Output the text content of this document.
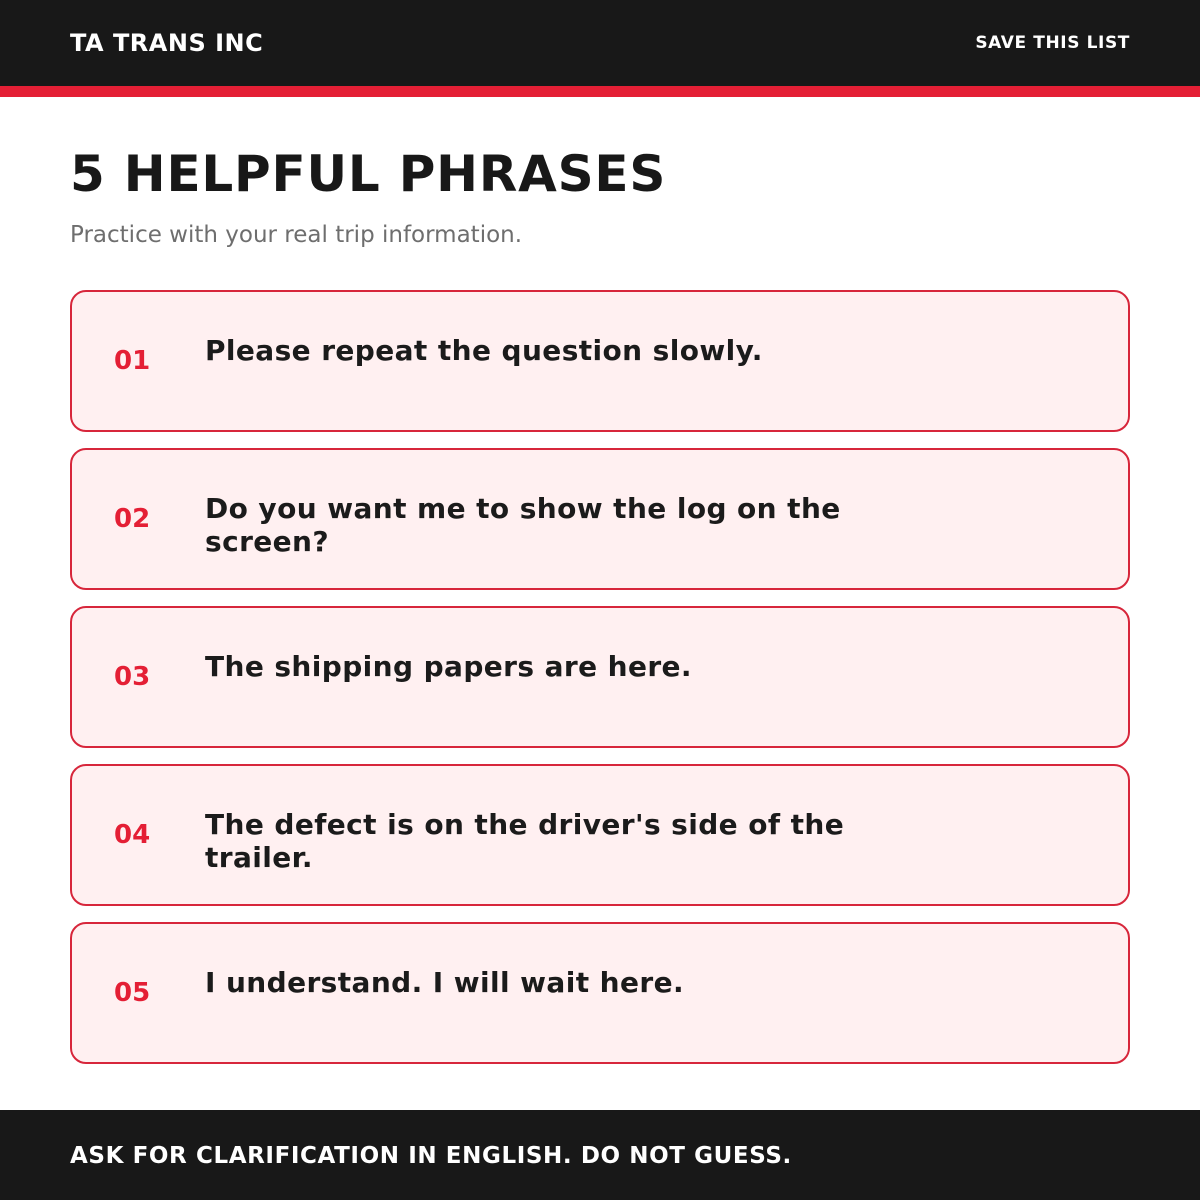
TA TRANS INC	SAVE THIS LIST
5 HELPFUL PHRASES

Practice with your real trip information.

01 Please repeat the question slowly.
02 Do you want me to show the log on the screen?
03 The shipping papers are here.
04 The defect is on the driver's side of the trailer.
05 I understand. I will wait here.
ASK FOR CLARIFICATION IN ENGLISH. DO NOT GUESS.
